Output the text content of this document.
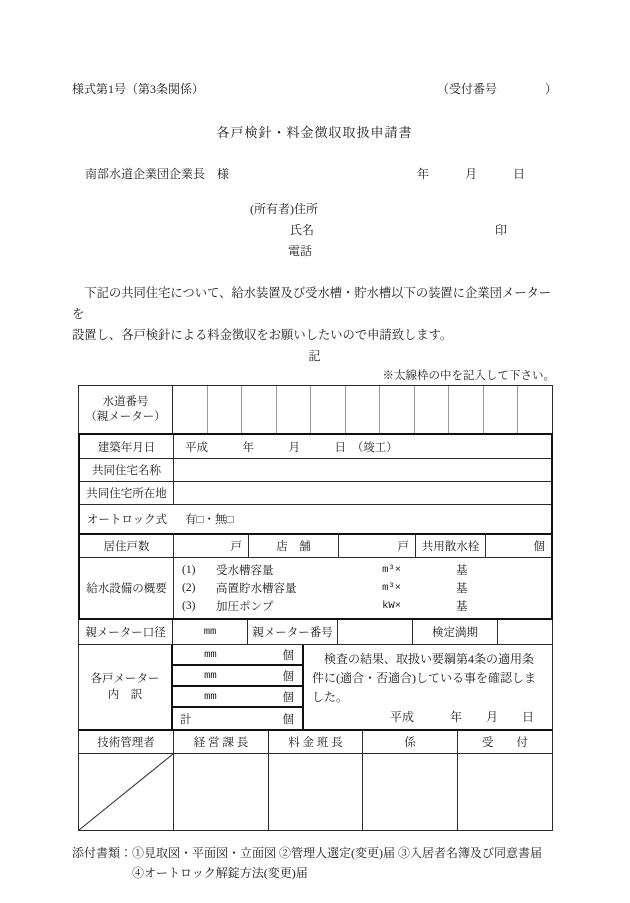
様式第1号（第3条関係）	（受付番号　　　　）
各戸検針・料金徴収取扱申請書
南部水道企業団企業長　様	年　　　月　　　日
(所有者)住所
氏名	印
電話
下記の共同住宅について、給水装置及び受水槽・貯水槽以下の装置に企業団メーターを
設置し、各戸検針による料金徴収をお願いしたいので申請致します。
記
※太線枠の中を記入して下さい。
水道番号
（親メーター）
建築年月日	平成　　　年　　　月　　　日　（竣工）
共同住宅名称
共同住宅所在地
オートロック式	有□・無□
居住戸数	戸	店　舗	戸	共用散水栓	個
給水設備の概要
(1)	受水槽容量	m³×	基
(2)	高置貯水槽容量	m³×	基
(3)	加圧ポンプ	kW×	基
親メーター口径	mm	親メーター番号	検定満期
各戸メーター
内　訳
mm	個
mm	個
mm	個
計	個
検査の結果、取扱い要綱第4条の適用条件に(適合・否適合)している事を確認しました。
平成　　　年　　月　　日
技術管理者	経 営 課 長	料 金 班 長	係	受　　付
添付書類：①見取図・平面図・立面図 ②管理人選定(変更)届 ③入居者名簿及び同意書届
④オートロック解錠方法(変更)届
